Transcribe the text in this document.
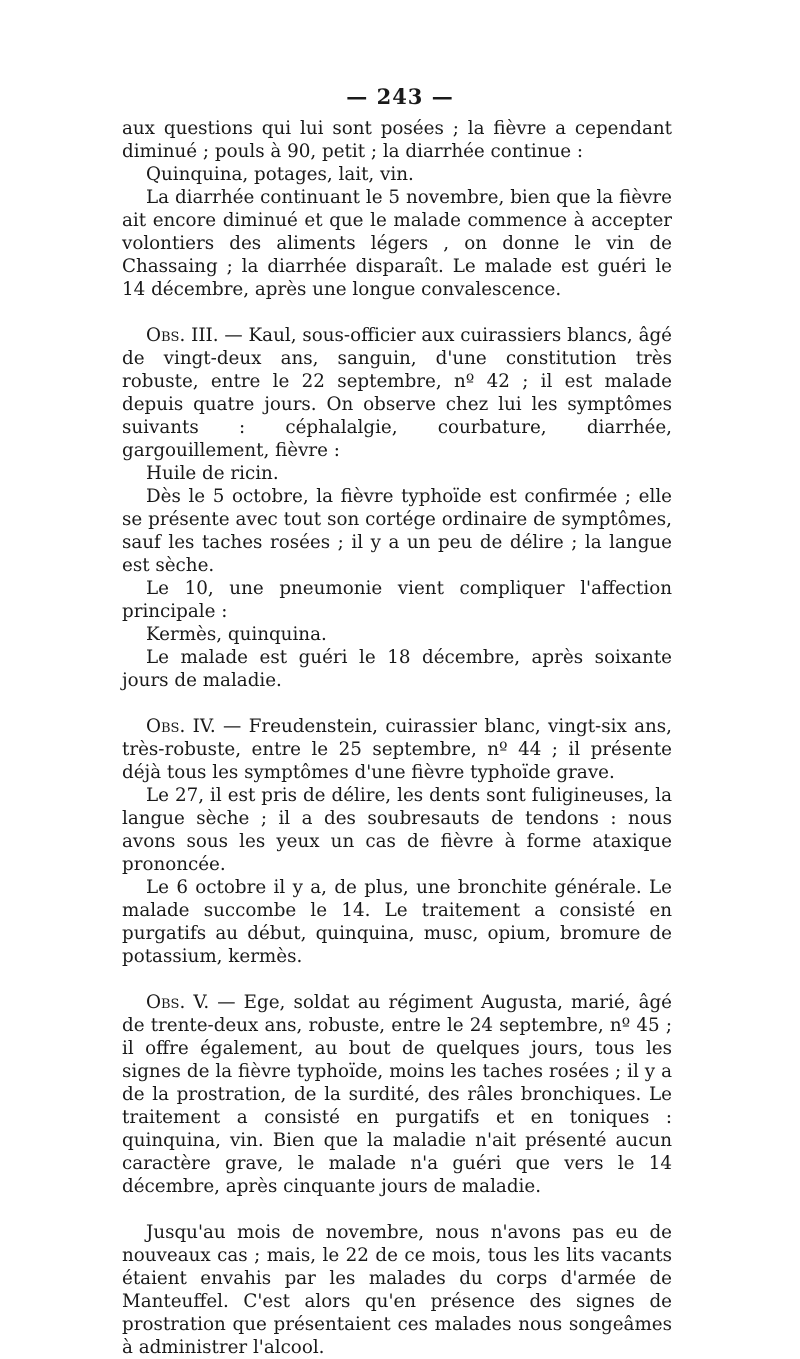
— 243 —

aux questions qui lui sont posées ; la fièvre a cependant diminué ; pouls à 90, petit ; la diarrhée continue :

Quinquina, potages, lait, vin.

La diarrhée continuant le 5 novembre, bien que la fièvre ait encore diminué et que le malade commence à accepter volontiers des aliments légers , on donne le vin de Chassaing ; la diarrhée disparaît. Le malade est guéri le 14 décembre, après une longue convalescence.

Obs. III. — Kaul, sous-officier aux cuirassiers blancs, âgé de vingt-deux ans, sanguin, d'une constitution très robuste, entre le 22 septembre, nº 42 ; il est malade depuis quatre jours. On observe chez lui les symptômes suivants : céphalalgie, courbature, diarrhée, gargouillement, fièvre :

Huile de ricin.

Dès le 5 octobre, la fièvre typhoïde est confirmée ; elle se présente avec tout son cortége ordinaire de symptômes, sauf les taches rosées ; il y a un peu de délire ; la langue est sèche.

Le 10, une pneumonie vient compliquer l'affection principale :

Kermès, quinquina.

Le malade est guéri le 18 décembre, après soixante jours de maladie.

Obs. IV. — Freudenstein, cuirassier blanc, vingt-six ans, très-robuste, entre le 25 septembre, nº 44 ; il présente déjà tous les symptômes d'une fièvre typhoïde grave.

Le 27, il est pris de délire, les dents sont fuligineuses, la langue sèche ; il a des soubresauts de tendons : nous avons sous les yeux un cas de fièvre à forme ataxique prononcée.

Le 6 octobre il y a, de plus, une bronchite générale. Le malade succombe le 14. Le traitement a consisté en purgatifs au début, quinquina, musc, opium, bromure de potassium, kermès.

Obs. V. — Ege, soldat au régiment Augusta, marié, âgé de trente-deux ans, robuste, entre le 24 septembre, nº 45 ; il offre également, au bout de quelques jours, tous les signes de la fièvre typhoïde, moins les taches rosées ; il y a de la prostration, de la surdité, des râles bronchiques. Le traitement a consisté en purgatifs et en toniques : quinquina, vin. Bien que la maladie n'ait présenté aucun caractère grave, le malade n'a guéri que vers le 14 décembre, après cinquante jours de maladie.

Jusqu'au mois de novembre, nous n'avons pas eu de nouveaux cas ; mais, le 22 de ce mois, tous les lits vacants étaient envahis par les malades du corps d'armée de Manteuffel. C'est alors qu'en présence des signes de prostration que présentaient ces malades nous songeâmes à administrer l'alcool.
